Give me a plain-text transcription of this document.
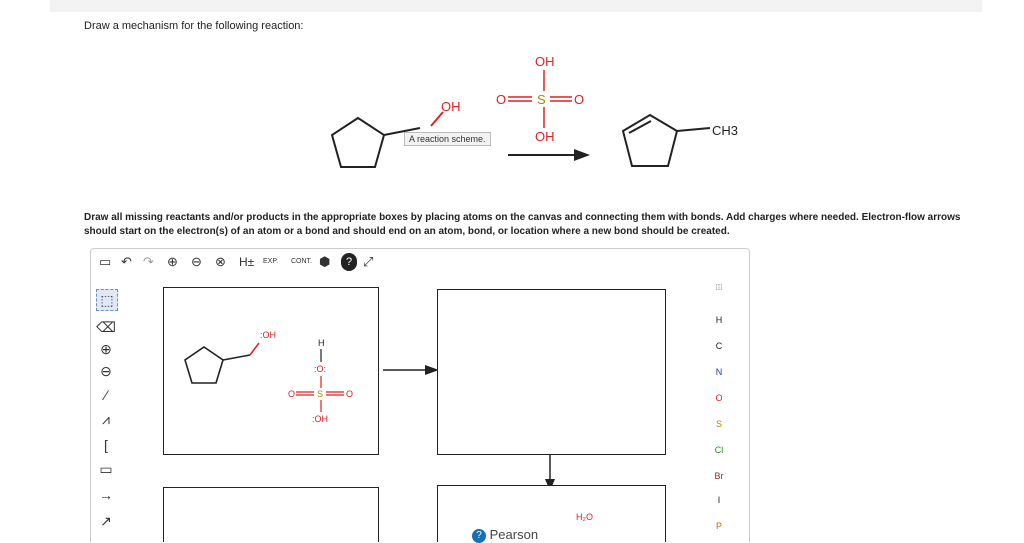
Draw a mechanism for the following reaction:
OH
OH
O S O
OH	CH3
A reaction scheme.
Draw all missing reactants and/or products in the appropriate boxes by placing atoms on the canvas and connecting them with bonds. Add charges where needed. Electron-flow arrows should start on the electron(s) of an atom or a bond and should end on an atom, bond, or location where a new bond should be created.
▭ ↶ ↷ ⊕ ⊖ ⊗ H± EXP. CONT. ⬢	? ⤢
⬚
⌫
⊕
⊖
⁄
⩘
[
▭
→
↗
:OH
H
:O:
O S	O
:OH
⁞⁞⁞
H
C
N
O
S
Cl
Br
I
P
H₂O
? Pearson
